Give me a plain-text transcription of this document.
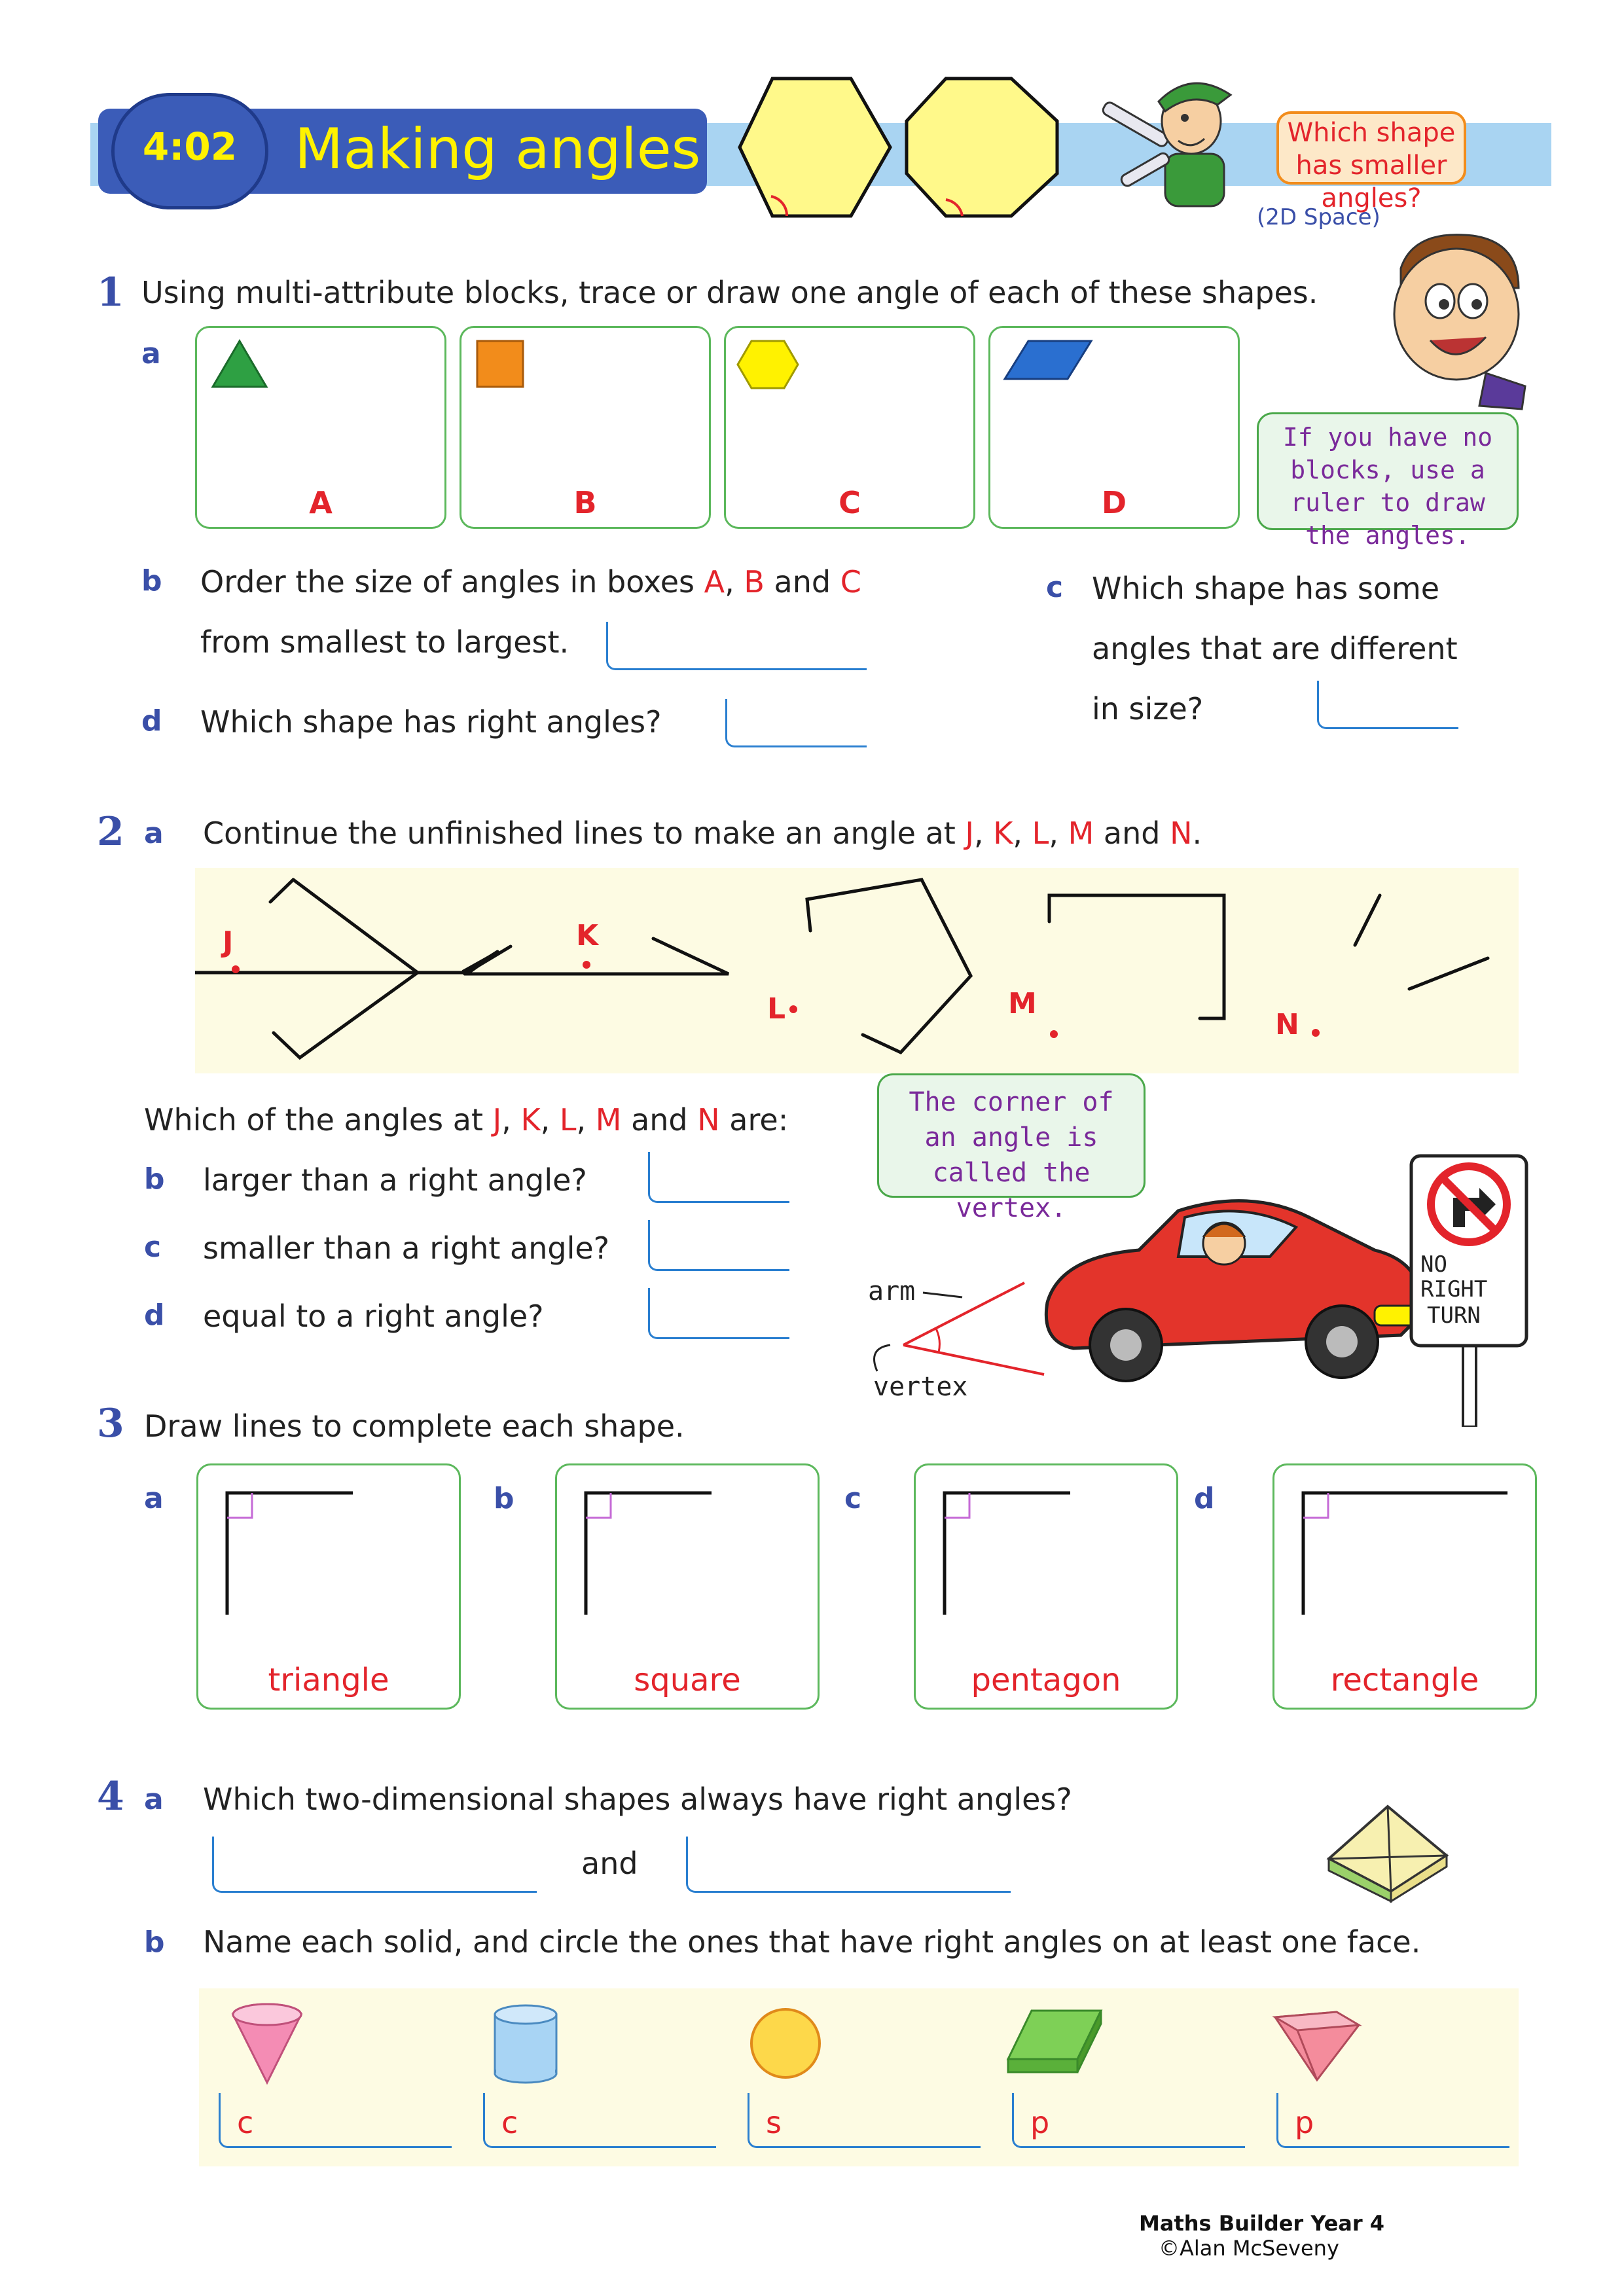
4:02	Making angles	Which shape has smaller angles?
(2D Space)
1 Using multi-attribute blocks, trace or draw one angle of each of these shapes.
a
A	B	C	D
If you have no blocks, use a ruler to draw the angles.
b Order the size of angles in boxes A, B and C
from smallest to largest.
c Which shape has some
angles that are different
in size?
d Which shape has right angles?
2 a Continue the unfinished lines to make an angle at J, K, L, M and N.
J	K
L	M
N
Which of the angles at J, K, L, M and N are:
b larger than a right angle?
c smaller than a right angle?
d equal to a right angle?
The corner of an angle is called the vertex.
NO
RIGHT
TURN
arm
vertex
3 Draw lines to complete each shape.
a
triangle
b
square
c
pentagon
d
rectangle
4 a Which two-dimensional shapes always have right angles?
and
b Name each solid, and circle the ones that have right angles on at least one face.
c	c	s	p	p
Maths Builder Year 4
©Alan McSeveny
